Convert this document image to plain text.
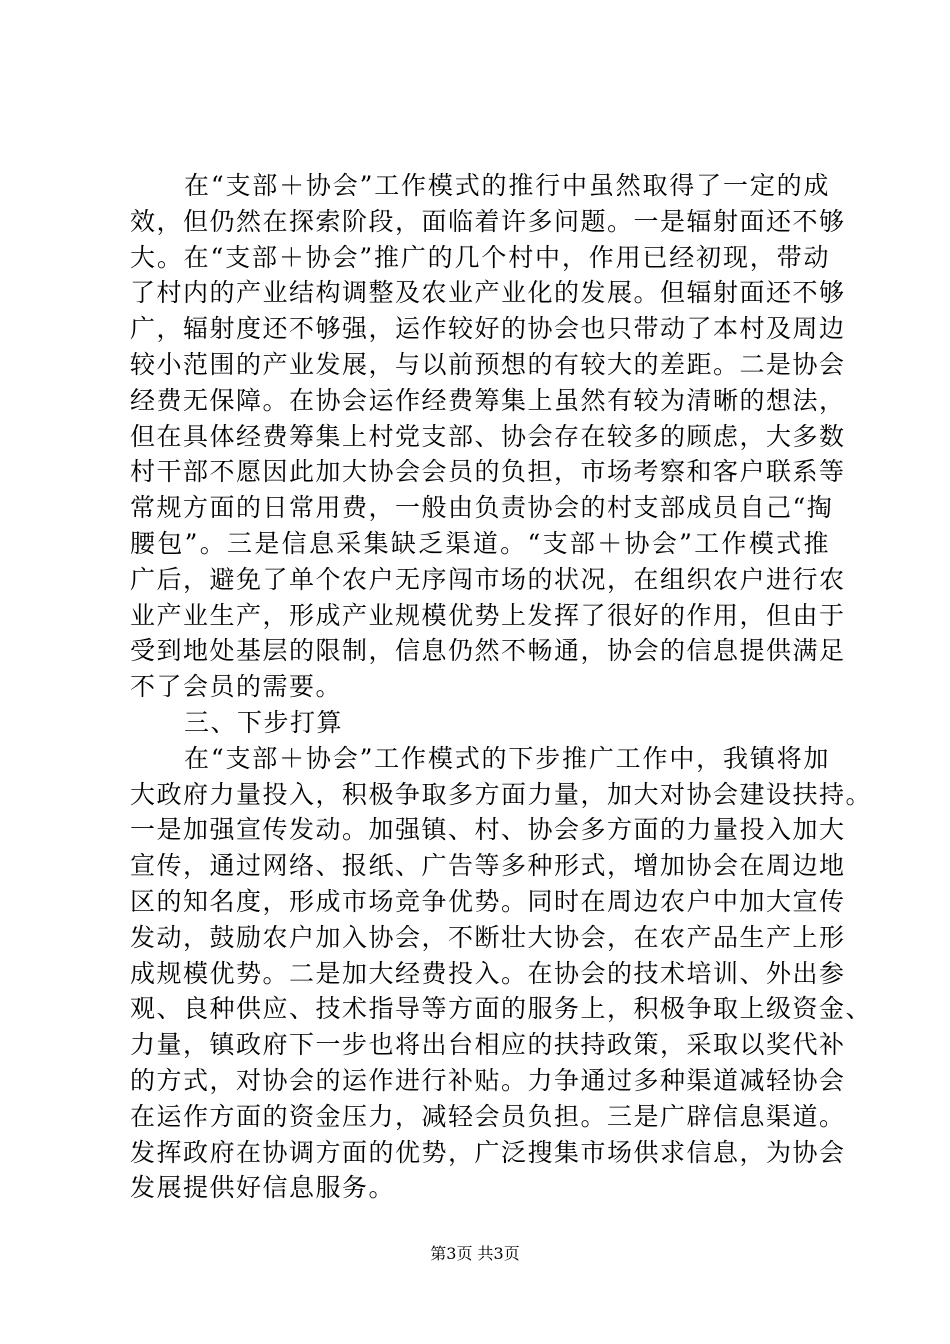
在“支部＋协会”工作模式的推行中虽然取得了一定的成
效，但仍然在探索阶段，面临着许多问题。一是辐射面还不够
大。在“支部＋协会”推广的几个村中，作用已经初现，带动
了村内的产业结构调整及农业产业化的发展。但辐射面还不够
广，辐射度还不够强，运作较好的协会也只带动了本村及周边
较小范围的产业发展，与以前预想的有较大的差距。二是协会
经费无保障。在协会运作经费筹集上虽然有较为清晰的想法，
但在具体经费筹集上村党支部、协会存在较多的顾虑，大多数
村干部不愿因此加大协会会员的负担，市场考察和客户联系等
常规方面的日常用费，一般由负责协会的村支部成员自己“掏
腰包”。三是信息采集缺乏渠道。“支部＋协会”工作模式推
广后，避免了单个农户无序闯市场的状况，在组织农户进行农
业产业生产，形成产业规模优势上发挥了很好的作用，但由于
受到地处基层的限制，信息仍然不畅通，协会的信息提供满足
不了会员的需要。
三、下步打算
在“支部＋协会”工作模式的下步推广工作中，我镇将加
大政府力量投入，积极争取多方面力量，加大对协会建设扶持。
一是加强宣传发动。加强镇、村、协会多方面的力量投入加大
宣传，通过网络、报纸、广告等多种形式，增加协会在周边地
区的知名度，形成市场竞争优势。同时在周边农户中加大宣传
发动，鼓励农户加入协会，不断壮大协会，在农产品生产上形
成规模优势。二是加大经费投入。在协会的技术培训、外出参
观、良种供应、技术指导等方面的服务上，积极争取上级资金、
力量，镇政府下一步也将出台相应的扶持政策，采取以奖代补
的方式，对协会的运作进行补贴。力争通过多种渠道减轻协会
在运作方面的资金压力，减轻会员负担。三是广辟信息渠道。
发挥政府在协调方面的优势，广泛搜集市场供求信息，为协会
发展提供好信息服务。
第3页 共3页
